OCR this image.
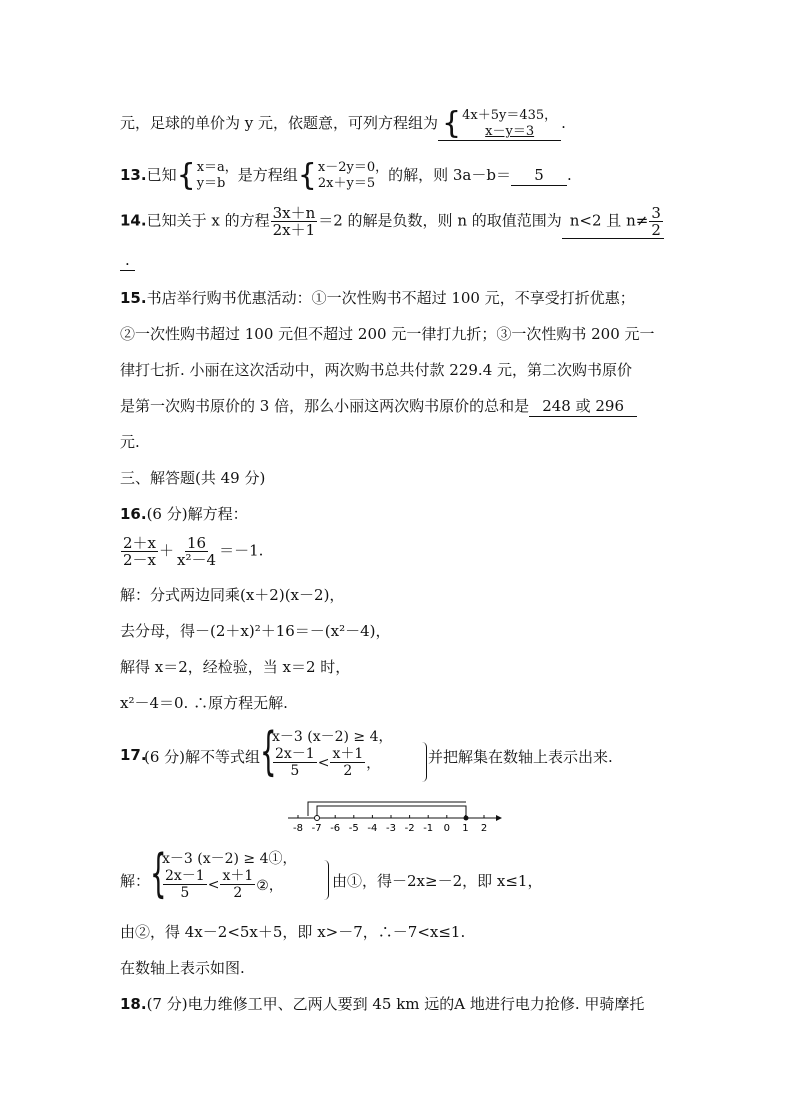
元，足球的单价为 y 元，依题意，可列方程组为 { 4x＋5y＝435，
x－y＝3	.
13.已知 { x＝a，
y＝b 是方程组 { x－2y＝0，
2x＋y＝5 的解，则 3a－b＝ 5 .
14.已知关于 x 的方程 $\frac{3x+n}{2x+1} =2$ 的解是负数，则 n 的取值范围为 n<2 且 $n\ne \frac{3}{2}$
.
15.书店举行购书优惠活动：①一次性购书不超过 100 元，不享受打折优惠；
②一次性购书超过 100 元但不超过 200 元一律打九折；③一次性购书 200 元一
律打七折. 小丽在这次活动中，两次购书总共付款 229.4 元，第二次购书原价
是第一次购书原价的 3 倍，那么小丽这两次购书原价的总和是 248 或 296
元.
三、解答题(共 49 分)
16.(6 分)解方程：
$\frac{2+x}{2-x} + \frac{16}{\text{x²－4}} =-1$.
解：分式两边同乘(x＋2)(x－2)，
去分母，得－(2＋x)²＋16＝－(x²－4)，
解得 x＝2，经检验，当 x＝2 时，
x²－4＝0. ∴原方程无解.
17.
(6 分)解不等式组 {
x－3 (x－2) ≥ 4，
$\frac{2x-1}{5} < \frac{x+1}{2}$ ，	并把解集在数轴上表示出来.
-8 -7 -6 -5 -4 -3 -2 -1 0 1 2
解： {
x－3 (x－2) ≥ 4①，
$\frac{2x-1}{5} < \frac{x+1}{2}$ ②，	由①，得－2x≥－2，即 x≤1，
由②，得 4x－2<5x＋5，即 x>－7，∴－7<x≤1.
在数轴上表示如图.
18.(7 分)电力维修工甲、乙两人要到 45 km 远的A 地进行电力抢修. 甲骑摩托
